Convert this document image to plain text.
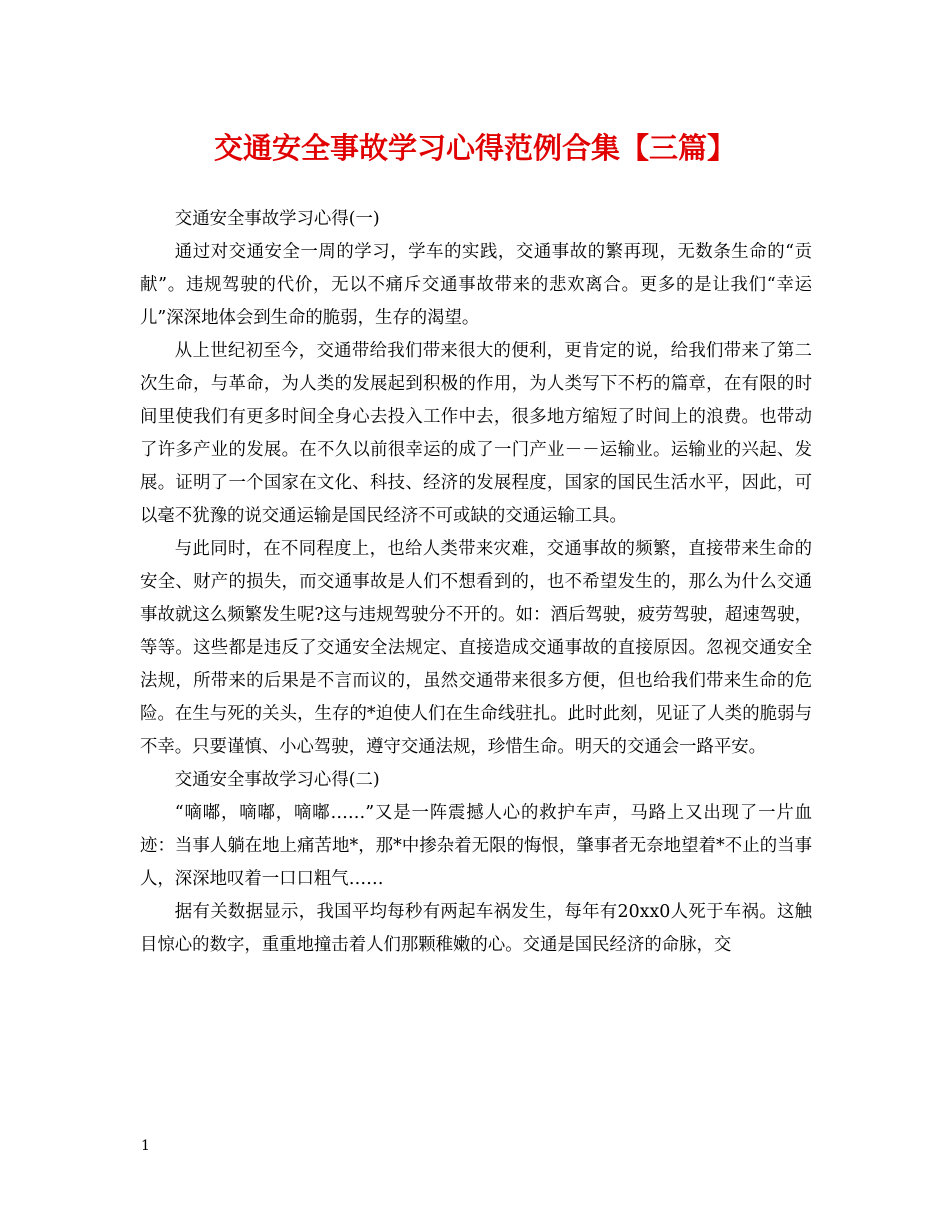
交通安全事故学习心得范例合集【三篇】

交通安全事故学习心得(一)

通过对交通安全一周的学习，学车的实践，交通事故的繁再现，无数条生命的“贡献”。违规驾驶的代价，无以不痛斥交通事故带来的悲欢离合。更多的是让我们“幸运儿”深深地体会到生命的脆弱，生存的渴望。

从上世纪初至今，交通带给我们带来很大的便利，更肯定的说，给我们带来了第二次生命，与革命，为人类的发展起到积极的作用，为人类写下不朽的篇章，在有限的时间里使我们有更多时间全身心去投入工作中去，很多地方缩短了时间上的浪费。也带动了许多产业的发展。在不久以前很幸运的成了一门产业－－运输业。运输业的兴起、发展。证明了一个国家在文化、科技、经济的发展程度，国家的国民生活水平，因此，可以毫不犹豫的说交通运输是国民经济不可或缺的交通运输工具。

与此同时，在不同程度上，也给人类带来灾难，交通事故的频繁，直接带来生命的安全、财产的损失，而交通事故是人们不想看到的，也不希望发生的，那么为什么交通事故就这么频繁发生呢?这与违规驾驶分不开的。如：酒后驾驶，疲劳驾驶，超速驾驶，等等。这些都是违反了交通安全法规定、直接造成交通事故的直接原因。忽视交通安全法规，所带来的后果是不言而议的，虽然交通带来很多方便，但也给我们带来生命的危险。在生与死的关头，生存的*迫使人们在生命线驻扎。此时此刻，见证了人类的脆弱与不幸。只要谨慎、小心驾驶，遵守交通法规，珍惜生命。明天的交通会一路平安。

交通安全事故学习心得(二)

“嘀嘟，嘀嘟，嘀嘟……”又是一阵震撼人心的救护车声，马路上又出现了一片血迹：当事人躺在地上痛苦地*，那*中掺杂着无限的悔恨，肇事者无奈地望着*不止的当事人，深深地叹着一口口粗气……

据有关数据显示，我国平均每秒有两起车祸发生，每年有20xx0人死于车祸。这触目惊心的数字，重重地撞击着人们那颗稚嫩的心。交通是国民经济的命脉，交

1
